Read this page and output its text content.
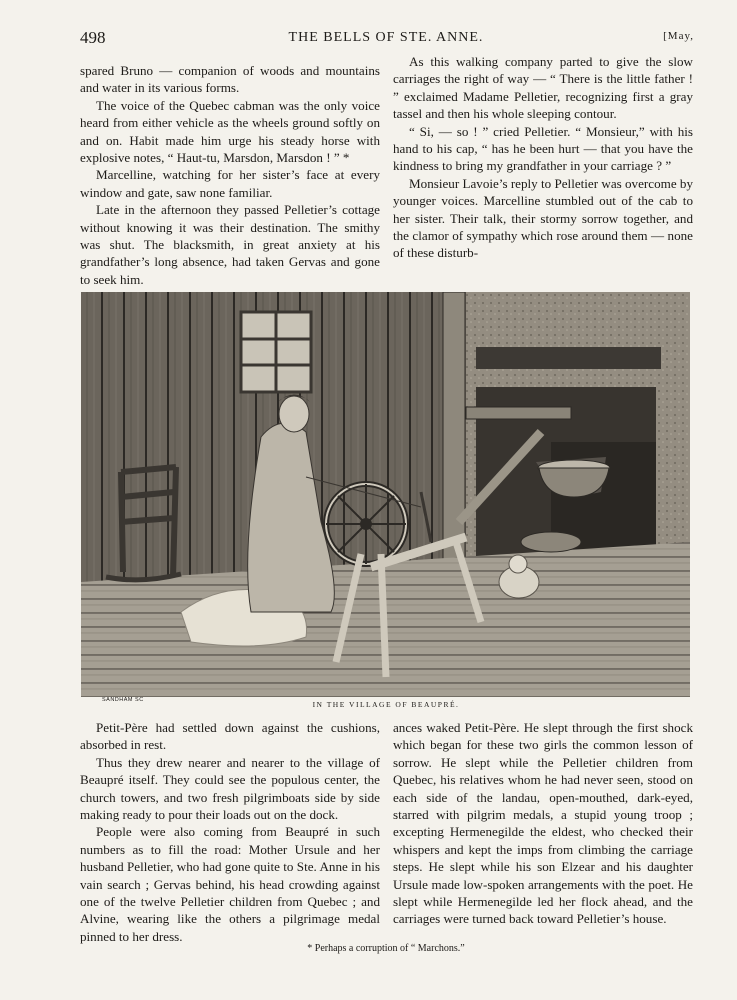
498	THE BELLS OF STE. ANNE.	[May,

spared Bruno — companion of woods and mountains and water in its various forms.

The voice of the Quebec cabman was the only voice heard from either vehicle as the wheels ground softly on and on. Habit made him urge his steady horse with explosive notes, “ Haut-tu, Marsdon, Marsdon ! ” *

Marcelline, watching for her sister’s face at every window and gate, saw none familiar.

Late in the afternoon they passed Pelletier’s cottage without knowing it was their destination. The smithy was shut. The blacksmith, in great anxiety at his grandfather’s long absence, had taken Gervas and gone to seek him.

As this walking company parted to give the slow carriages the right of way — “ There is the little father ! ” exclaimed Madame Pelletier, recognizing first a gray tassel and then his whole sleeping contour.

“ Si, — so ! ” cried Pelletier. “ Monsieur,” with his hand to his cap, “ has he been hurt — that you have the kindness to bring my grandfather in your carriage ? ”

Monsieur Lavoie’s reply to Pelletier was overcome by younger voices. Marcelline stumbled out of the cab to her sister. Their talk, their stormy sorrow together, and the clamor of sympathy which rose around them — none of these disturb-

SANDHAM SC	IN THE VILLAGE OF BEAUPRÉ.

Petit-Père had settled down against the cushions, absorbed in rest.

Thus they drew nearer and nearer to the village of Beaupré itself. They could see the populous center, the church towers, and two fresh pilgrimboats side by side making ready to pour their loads out on the dock.

People were also coming from Beaupré in such numbers as to fill the road: Mother Ursule and her husband Pelletier, who had gone quite to Ste. Anne in his vain search ; Gervas behind, his head crowding against one of the twelve Pelletier children from Quebec ; and Alvine, wearing like the others a pilgrimage medal pinned to her dress.

ances waked Petit-Père. He slept through the first shock which began for these two girls the common lesson of sorrow. He slept while the Pelletier children from Quebec, his relatives whom he had never seen, stood on each side of the landau, open-mouthed, dark-eyed, starred with pilgrim medals, a stupid young troop ; excepting Hermenegilde the eldest, who checked their whispers and kept the imps from climbing the carriage steps. He slept while his son Elzear and his daughter Ursule made low-spoken arrangements with the poet. He slept while Hermenegilde led her flock ahead, and the carriages were turned back toward Pelletier’s house.

* Perhaps a corruption of “ Marchons.”
